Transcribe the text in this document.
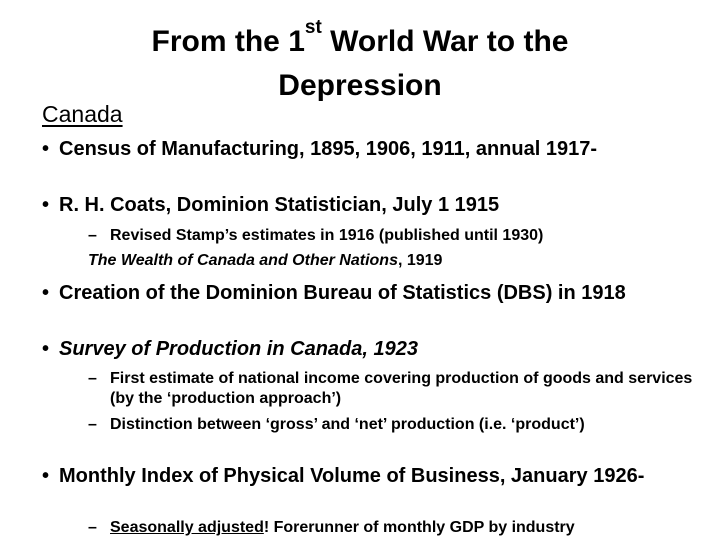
From the 1st World War to the
Depression

Canada

• Census of Manufacturing, 1895, 1906, 1911, annual 1917-

• R. H. Coats, Dominion Statistician, July 1 1915

– Revised Stamp’s estimates in 1916 (published until 1930)

The Wealth of Canada and Other Nations, 1919

• Creation of the Dominion Bureau of Statistics (DBS) in 1918

• Survey of Production in Canada, 1923

– First estimate of national income covering production of goods and services (by the ‘production approach’)

– Distinction between ‘gross’ and ‘net’ production (i.e. ‘product’)

• Monthly Index of Physical Volume of Business, January 1926-

– Seasonally adjusted! Forerunner of monthly GDP by industry
